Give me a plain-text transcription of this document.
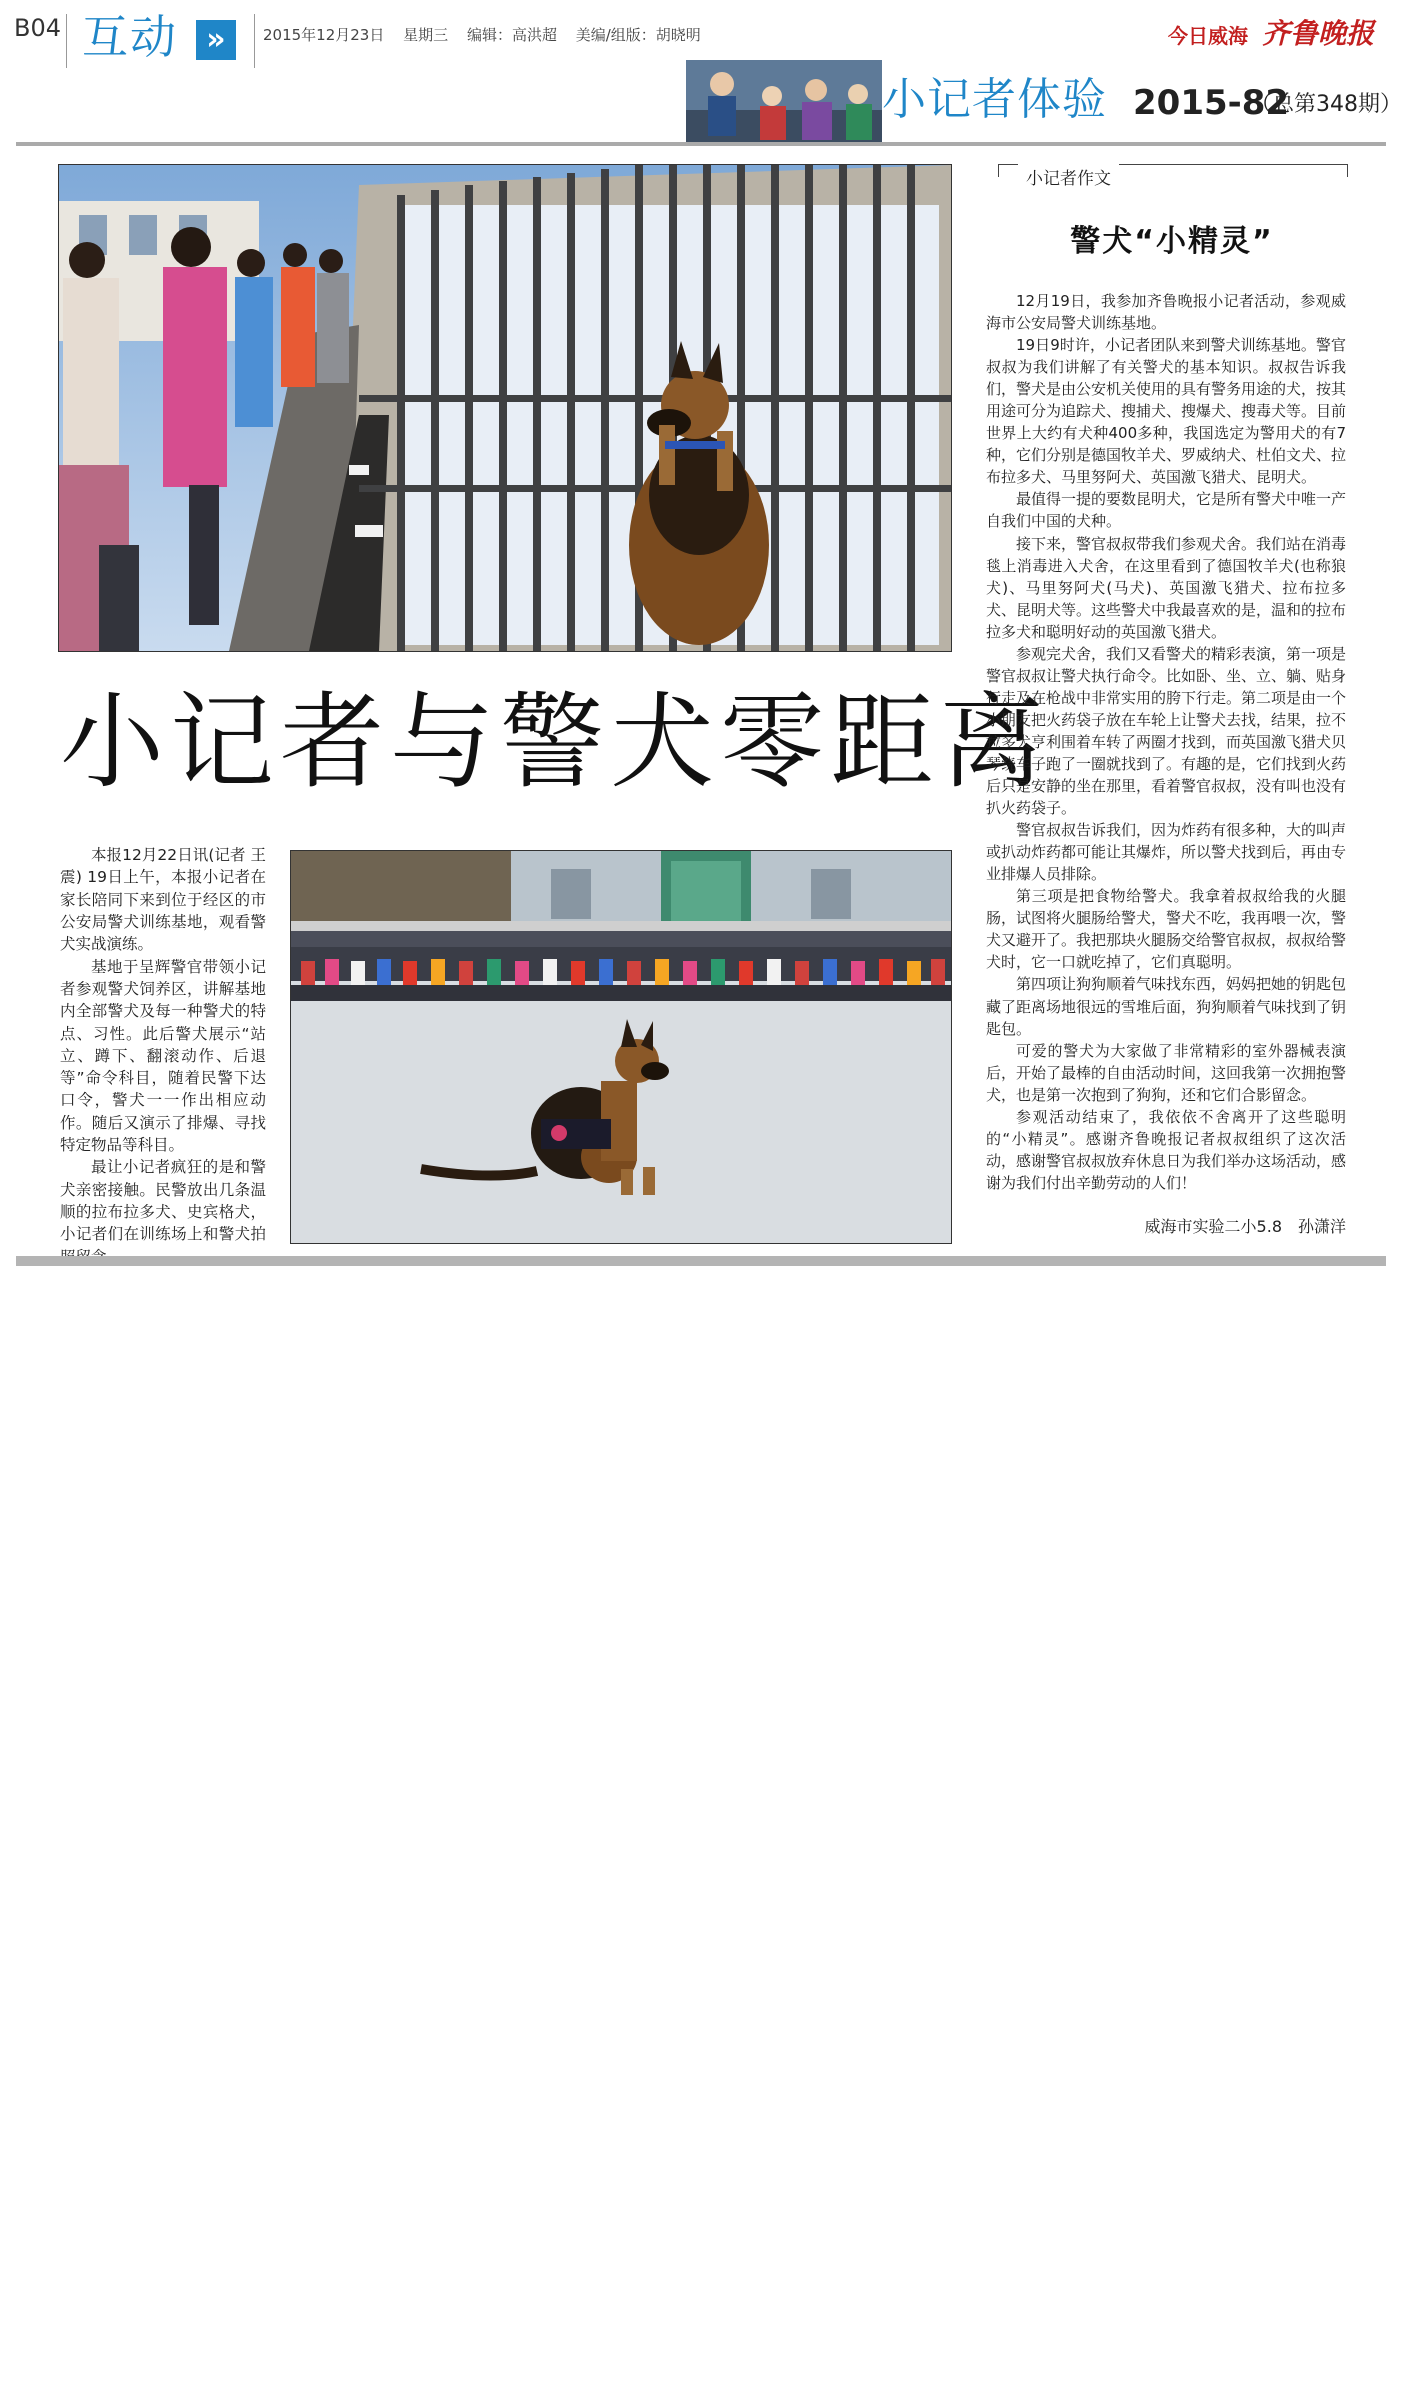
B04 互动 »	2015年12月23日 星期三 编辑：高洪超 美编/组版：胡晓明	今日威海 齐鲁晚报
小记者体验 2015-82
（总第348期）
小记者与警犬零距离

本报12月22日讯(记者 王震) 19日上午，本报小记者在家长陪同下来到位于经区的市公安局警犬训练基地，观看警犬实战演练。

基地于呈辉警官带领小记者参观警犬饲养区，讲解基地内全部警犬及每一种警犬的特点、习性。此后警犬展示“站立、蹲下、翻滚动作、后退等”命令科目，随着民警下达口令，警犬一一作出相应动作。随后又演示了排爆、寻找特定物品等科目。

最让小记者疯狂的是和警犬亲密接触。民警放出几条温顺的拉布拉多犬、史宾格犬，小记者们在训练场上和警犬拍

小记者作文
警犬“小精灵”

12月19日，我参加齐鲁晚报小记者活动，参观威海市公安局警犬训练基地。

19日9时许，小记者团队来到警犬训练基地。警官叔叔为我们讲解了有关警犬的基本知识。叔叔告诉我们，警犬是由公安机关使用的具有警务用途的犬，按其用途可分为追踪犬、搜捕犬、搜爆犬、搜毒犬等。目前世界上大约有犬种400多种，我国选定为警用犬的有7种，它们分别是德国牧羊犬、罗威纳犬、杜伯文犬、拉布拉多犬、马里努阿犬、英国激飞猎犬、昆明犬。

最值得一提的要数昆明犬，它是所有警犬中唯一产自我们中国的犬种。

接下来，警官叔叔带我们参观犬舍。我们站在消毒毯上消毒进入犬舍，在这里看到了德国牧羊犬(也称狼犬)、马里努阿犬(马犬)、英国激飞猎犬、拉布拉多犬、昆明犬等。这些警犬中我最喜欢的是，温和的拉布拉多犬和聪明好动的英国激飞猎犬。

参观完犬舍，我们又看警犬的精彩表演，第一项是警官叔叔让警犬执行命令。比如卧、坐、立、躺、贴身行走及在枪战中非常实用的胯下行走。第二项是由一个小朋友把火药袋子放在车轮上让警犬去找，结果，拉不拉多犬亨利围着车转了两圈才找到，而英国激飞猎犬贝琴绕车子跑了一圈就找到了。有趣的是，它们找到火药后只是安静的坐在那里，看着警官叔叔，没有叫也没有扒火药袋子。

警官叔叔告诉我们，因为炸药有很多种，大的叫声或扒动炸药都可能让其爆炸，所以警犬找到后，再由专业排爆人员排除。

第三项是把食物给警犬。我拿着叔叔给我的火腿肠，试图将火腿肠给警犬，警犬不吃，我再喂一次，警犬又避开了。我把那块火腿肠交给警官叔叔，叔叔给警犬时，它一口就吃掉了，它们真聪明。

第四项让狗狗顺着气味找东西，妈妈把她的钥匙包藏了距离场地很远的雪堆后面，狗狗顺着气味找到了钥匙包。

可爱的警犬为大家做了非常精彩的室外器械表演后，开始了最棒的自由活动时间，这回我第一次拥抱警犬，也是第一次抱到了狗狗，还和它们合影留念。

参观活动结束了，我依依不舍离开了这些聪明的“小精灵”。感谢齐鲁晚报记者叔叔组织了这次活动，感谢警官叔叔放弃休息日为我们举办这场活动，感谢为我们付出辛勤劳动的人们！

威海市实验二小5.8　孙潇洋
